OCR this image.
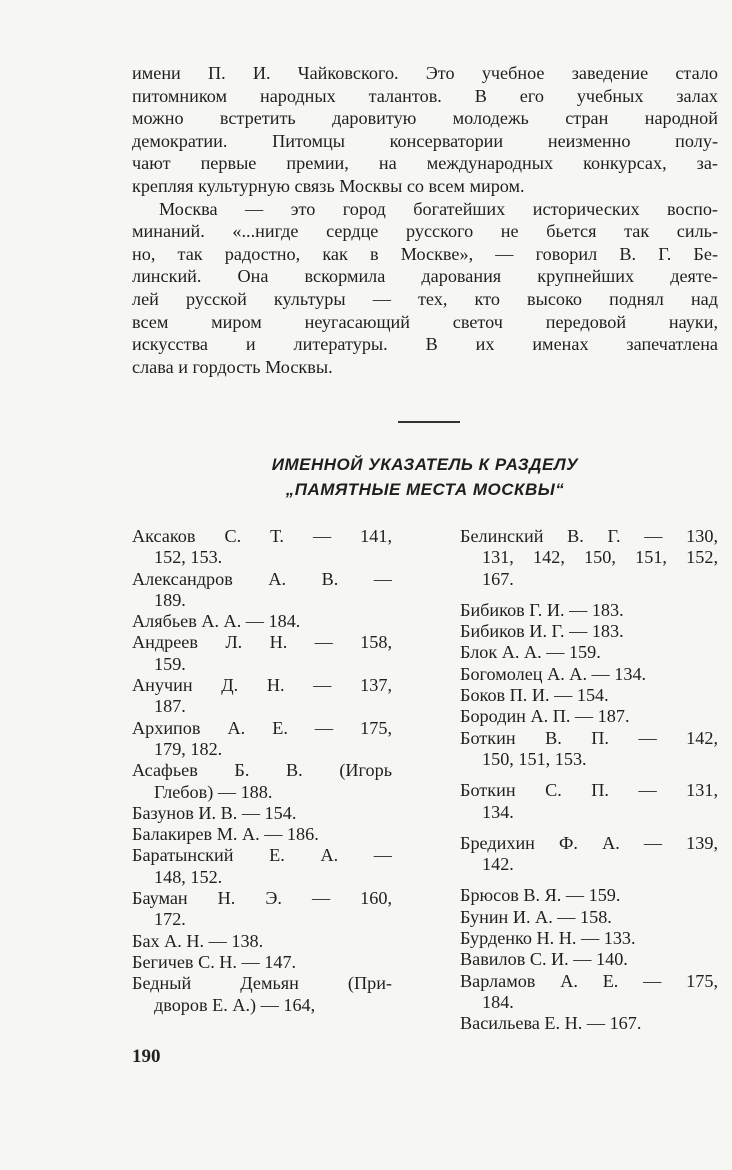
имени П. И. Чайковского. Это учебное заведение стало
питомником народных талантов. В его учебных залах
можно встретить даровитую молодежь стран народной
демократии. Питомцы консерватории неизменно полу-
чают первые премии, на международных конкурсах, за-
крепляя культурную связь Москвы со всем миром.

Москва — это город богатейших исторических воспо-
минаний. «...нигде сердце русского не бьется так силь-
но, так радостно, как в Москве», — говорил В. Г. Бе-
линский. Она вскормила дарования крупнейших деяте-
лей русской культуры — тех, кто высоко поднял над
всем миром неугасающий светоч передовой науки,
искусства и литературы. В их именах запечатлена
слава и гордость Москвы.

ИМЕННОЙ УКАЗАТЕЛЬ К РАЗДЕЛУ
„ПАМЯТНЫЕ МЕСТА МОСКВЫ“
Аксаков С. Т. — 141,
152, 153.
Александров А. В. —
189.
Алябьев А. А. — 184.
Андреев Л. Н. — 158,
159.
Анучин Д. Н. — 137,
187.
Архипов А. Е. — 175,
179, 182.
Асафьев Б. В. (Игорь
Глебов) — 188.
Базунов И. В. — 154.
Балакирев М. А. — 186.
Баратынский Е. А. —
148, 152.
Бауман Н. Э. — 160,
172.
Бах А. Н. — 138.
Бегичев С. Н. — 147.
Бедный Демьян (При-
дворов Е. А.) — 164,
Белинский В. Г. — 130,
131, 142, 150, 151, 152,
167.
Бибиков Г. И. — 183.
Бибиков И. Г. — 183.
Блок А. А. — 159.
Богомолец А. А. — 134.
Боков П. И. — 154.
Бородин А. П. — 187.
Боткин В. П. — 142,
150, 151, 153.
Боткин С. П. — 131,
134.
Бредихин Ф. А. — 139,
142.
Брюсов В. Я. — 159.
Бунин И. А. — 158.
Бурденко Н. Н. — 133.
Вавилов С. И. — 140.
Варламов А. Е. — 175,
184.
Васильева Е. Н. — 167.
190
